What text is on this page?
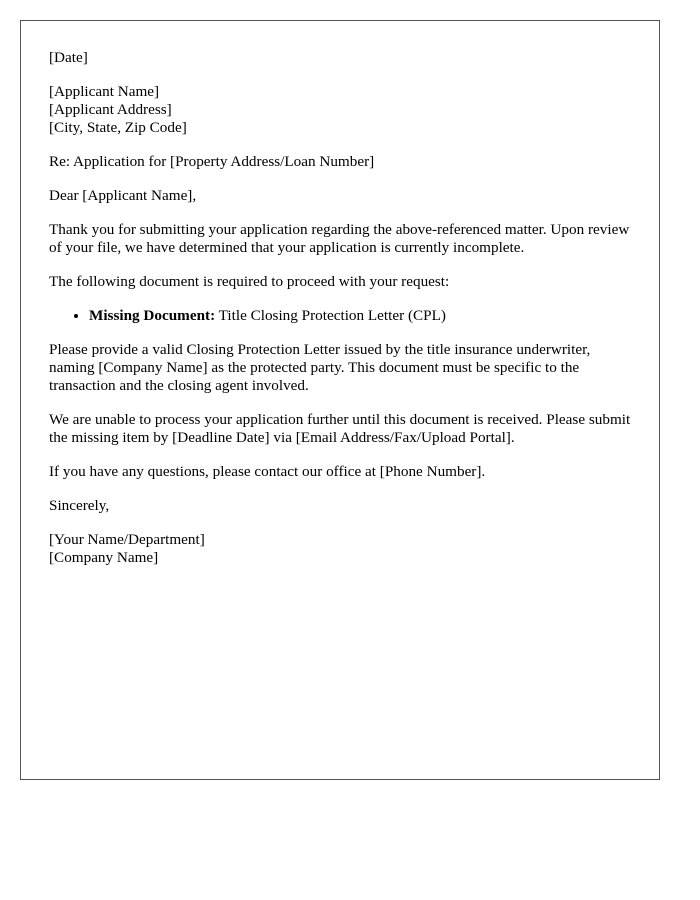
[Date]

[Applicant Name]
[Applicant Address]
[City, State, Zip Code]

Re: Application for [Property Address/Loan Number]

Dear [Applicant Name],

Thank you for submitting your application regarding the above-referenced matter. Upon review of your file, we have determined that your application is currently incomplete.

The following document is required to proceed with your request:

• Missing Document: Title Closing Protection Letter (CPL)

Please provide a valid Closing Protection Letter issued by the title insurance underwriter, naming [Company Name] as the protected party. This document must be specific to the transaction and the closing agent involved.

We are unable to process your application further until this document is received. Please submit the missing item by [Deadline Date] via [Email Address/Fax/Upload Portal].

If you have any questions, please contact our office at [Phone Number].

Sincerely,

[Your Name/Department]
[Company Name]
